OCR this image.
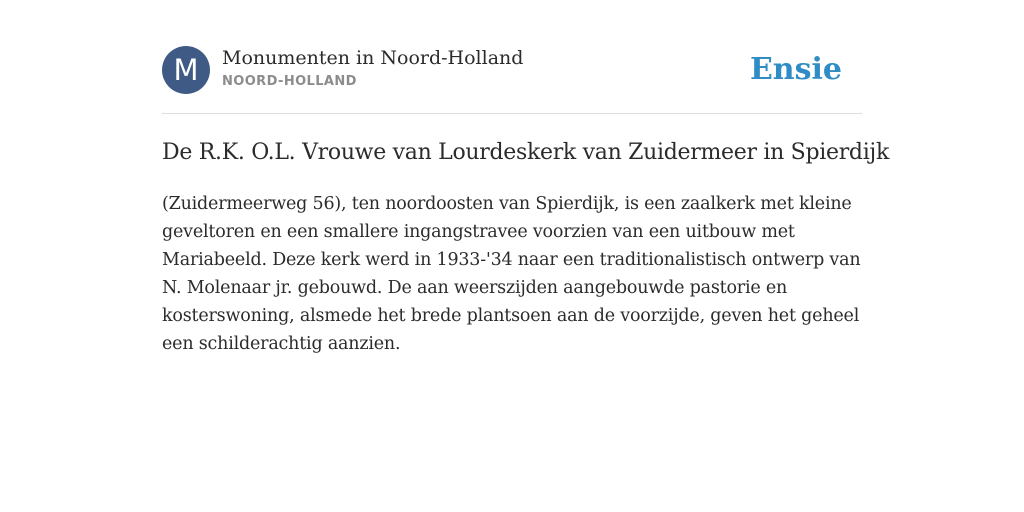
M	Monumenten in Noord-Holland
NOORD-HOLLAND	Ensie
De R.K. O.L. Vrouwe van Lourdeskerk van Zuidermeer in Spierdijk

(Zuidermeerweg 56), ten noordoosten van Spierdijk, is een zaalkerk met kleine geveltoren en een smallere ingangstravee voorzien van een uitbouw met Mariabeeld. Deze kerk werd in 1933-'34 naar een traditionalistisch ontwerp van N. Molenaar jr. gebouwd. De aan weerszijden aangebouwde pastorie en kosterswoning, alsmede het brede plantsoen aan de voorzijde, geven het geheel een schilderachtig aanzien.
